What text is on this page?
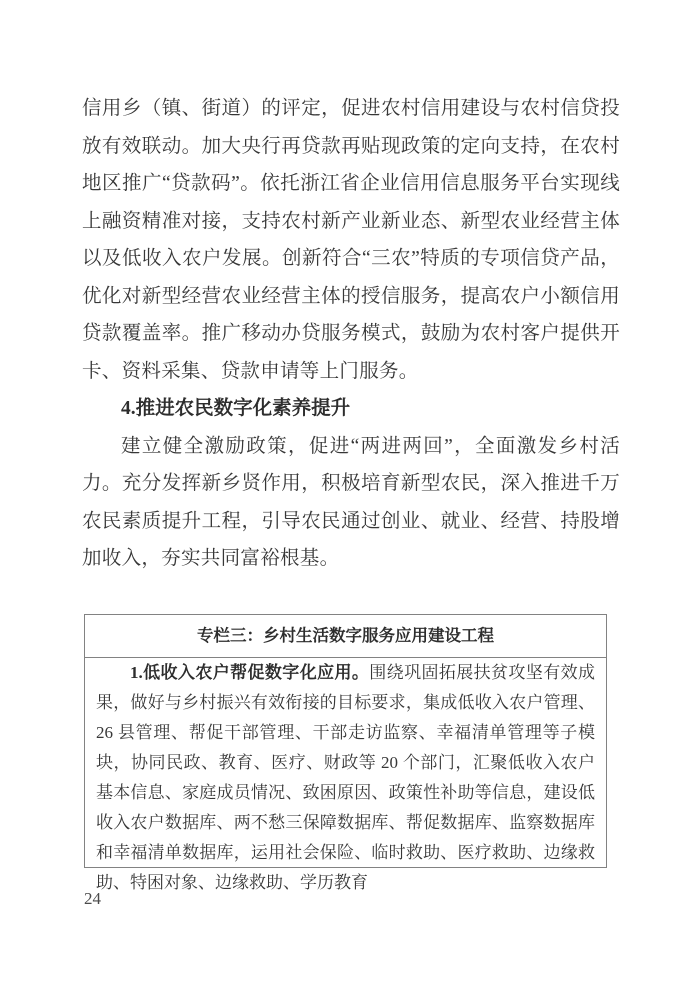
信用乡（镇、街道）的评定，促进农村信用建设与农村信贷投放有效联动。加大央行再贷款再贴现政策的定向支持，在农村地区推广“贷款码”。依托浙江省企业信用信息服务平台实现线上融资精准对接，支持农村新产业新业态、新型农业经营主体以及低收入农户发展。创新符合“三农”特质的专项信贷产品，优化对新型经营农业经营主体的授信服务，提高农户小额信用贷款覆盖率。推广移动办贷服务模式，鼓励为农村客户提供开卡、资料采集、贷款申请等上门服务。

4.推进农民数字化素养提升

建立健全激励政策，促进“两进两回”，全面激发乡村活力。充分发挥新乡贤作用，积极培育新型农民，深入推进千万农民素质提升工程，引导农民通过创业、就业、经营、持股增加收入，夯实共同富裕根基。

专栏三：乡村生活数字服务应用建设工程
1.低收入农户帮促数字化应用。围绕巩固拓展扶贫攻坚有效成果，做好与乡村振兴有效衔接的目标要求，集成低收入农户管理、26 县管理、帮促干部管理、干部走访监察、幸福清单管理等子模块，协同民政、教育、医疗、财政等 20 个部门，汇聚低收入农户基本信息、家庭成员情况、致困原因、政策性补助等信息，建设低收入农户数据库、两不愁三保障数据库、帮促数据库、监察数据库和幸福清单数据库，运用社会保险、临时救助、医疗救助、边缘救助、特困对象、边缘救助、学历教育
24
